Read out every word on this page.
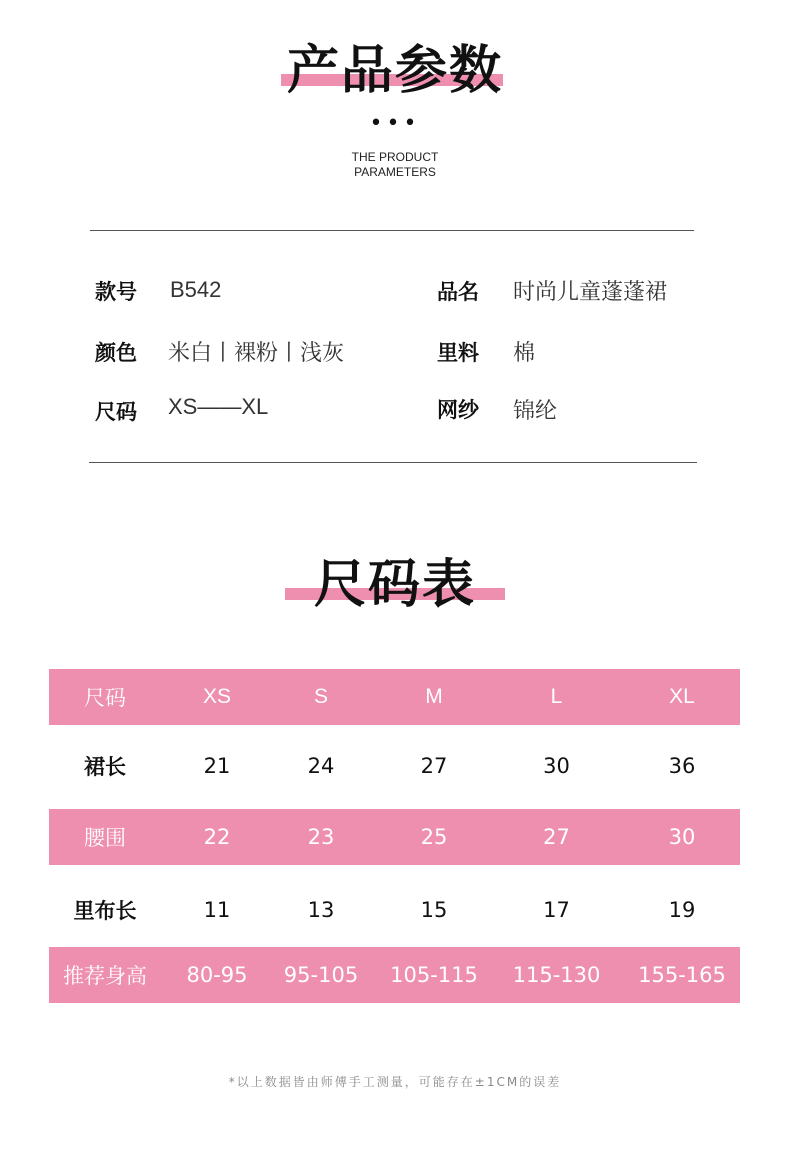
产品参数
•••
THE PRODUCT
PARAMETERS
款号 B542	品名 时尚儿童蓬蓬裙
颜色 米白丨裸粉丨浅灰	里料 棉
尺码 XS——XL	网纱 锦纶
尺码表
尺码	XS	S	M	L	XL
裙长	21	24	27	30	36
腰围	22	23	25	27	30
里布长	11	13	15	17	19
推荐身高	80-95	95-105	105-115	115-130	155-165
*以上数据皆由师傅手工测量，可能存在±1CM的误差
